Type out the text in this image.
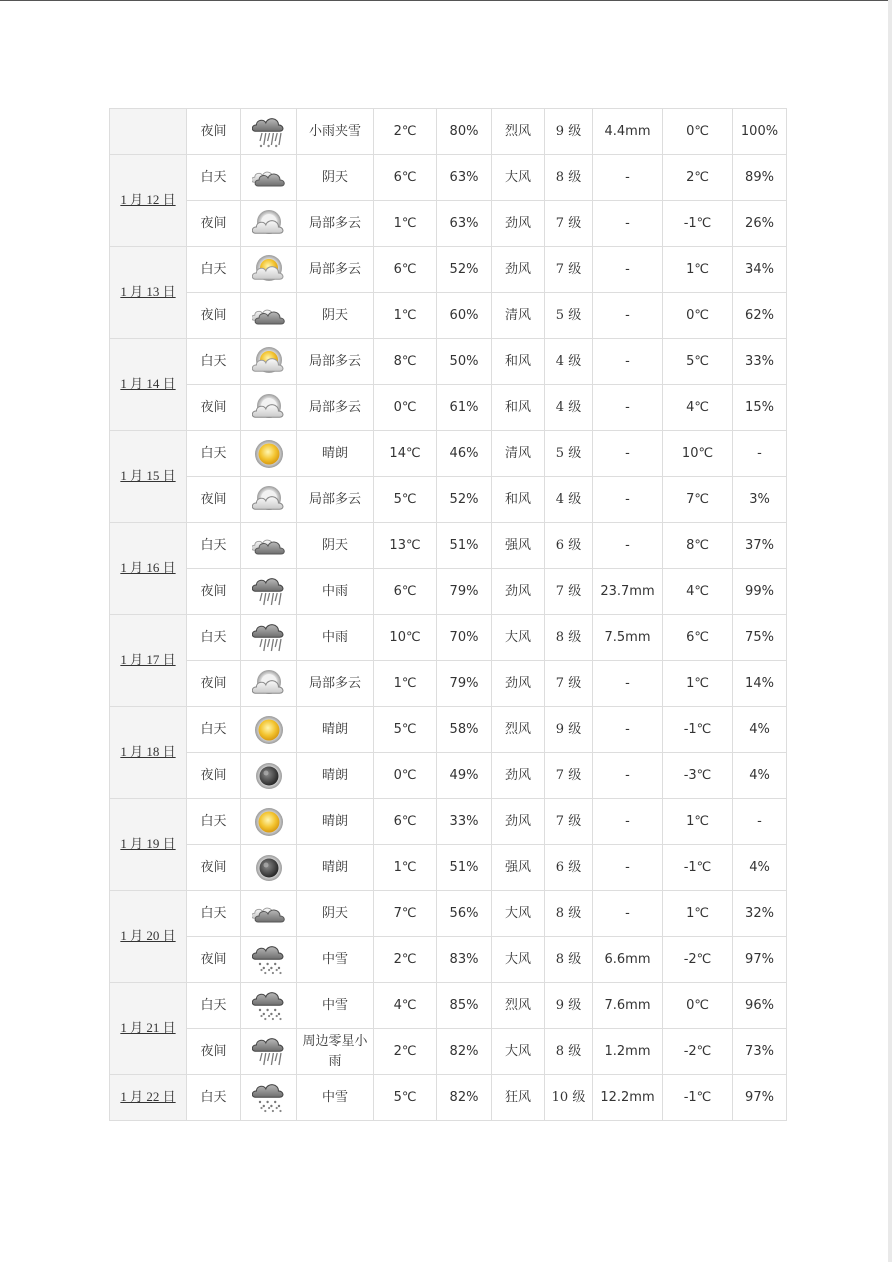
	夜间		小雨夹雪	2℃	80%	烈风	9 级	4.4mm	0℃	100%
1 月 12 日	白天		阴天	6℃	63%	大风	8 级	-	2℃	89%
	夜间		局部多云	1℃	63%	劲风	7 级	-	-1℃	26%
1 月 13 日	白天		局部多云	6℃	52%	劲风	7 级	-	1℃	34%
	夜间		阴天	1℃	60%	清风	5 级	-	0℃	62%
1 月 14 日	白天		局部多云	8℃	50%	和风	4 级	-	5℃	33%
	夜间		局部多云	0℃	61%	和风	4 级	-	4℃	15%
1 月 15 日	白天		晴朗	14℃	46%	清风	5 级	-	10℃	-
	夜间		局部多云	5℃	52%	和风	4 级	-	7℃	3%
1 月 16 日	白天		阴天	13℃	51%	强风	6 级	-	8℃	37%
	夜间		中雨	6℃	79%	劲风	7 级	23.7mm	4℃	99%
1 月 17 日	白天		中雨	10℃	70%	大风	8 级	7.5mm	6℃	75%
	夜间		局部多云	1℃	79%	劲风	7 级	-	1℃	14%
1 月 18 日	白天		晴朗	5℃	58%	烈风	9 级	-	-1℃	4%
	夜间		晴朗	0℃	49%	劲风	7 级	-	-3℃	4%
1 月 19 日	白天		晴朗	6℃	33%	劲风	7 级	-	1℃	-
	夜间		晴朗	1℃	51%	强风	6 级	-	-1℃	4%
1 月 20 日	白天		阴天	7℃	56%	大风	8 级	-	1℃	32%
	夜间		中雪	2℃	83%	大风	8 级	6.6mm	-2℃	97%
1 月 21 日	白天		中雪	4℃	85%	烈风	9 级	7.6mm	0℃	96%
	夜间		周边零星小雨	2℃	82%	大风	8 级	1.2mm	-2℃	73%
1 月 22 日	白天		中雪	5℃	82%	狂风	10 级	12.2mm	-1℃	97%
